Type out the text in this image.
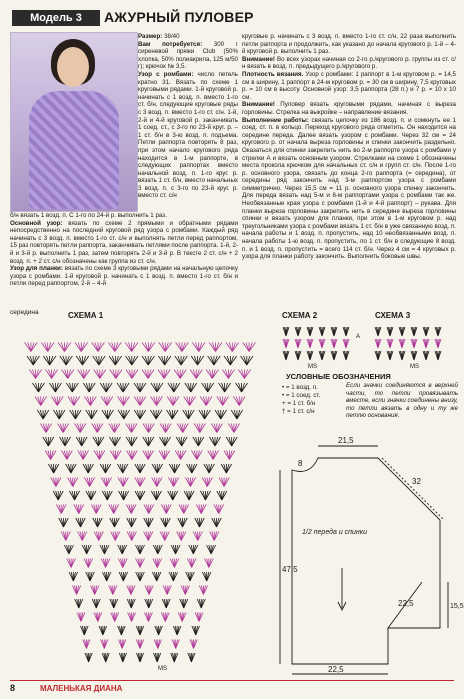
Модель 3	АЖУРНЫЙ ПУЛОВЕР
Размер: 38/40
Вам потребуется: 300 г сиреневой пряжи Club (50% хлопка, 50% полиакрила, 125 м/50 г); крючок № 3,5.
Узор с ромбами: число петель кратно 31. Вязать по схеме 1 круговыми рядами. 1-й круговой р. начинать с 1 возд. п. вместо 1-го ст. б/н, следующие круговые ряды с 3 возд. п. вместо 1-го ст. с/н. 1-й, 2-й и 4-й круговой р. заканчивать 1 соед. ст., с 3-го по 23-й круг. р. – 1 ст. б/н в 3-ю возд. п. подъема. Петли раппорта повторять 8 раз, при этом начало кругового ряда находится в 1-м раппорте, в следующих раппортах вместо начальной возд. п. 1-го круг. р. вязать 1 ст. б/н, вместо начальных 3 возд. п. с 3-го по 23-й круг. р. вместо ст. с/н
б/н вязать 1 возд. п. С 1-го по 24-й р. выполнить 1 раз.
Основной узор: вязать по схеме 2 прямыми и обратными рядами непосредственно на последний круговой ряд узора с ромбами. Каждый ряд начинать с 3 возд. п. вместо 1-го ст. с/н и выполнять петли перед раппортом, 15 раз повторять петли раппорта, заканчивать петлями после раппорта. 1-й, 2-й и 3-й р. выполнить 1 раз, затем повторять 2-й и 3-й р. В тексте 2 ст. с/н + 2 возд. п. + 2 ст. с/н обозначены как группа из ст. с/н.
Узор для планки: вязать по схеме 3 круговыми рядами на начальную цепочку узора с ромбами. 1-й круговой р. начинать с 1 возд. п. вместо 1-го ст. б/н и петли перед раппортом, 2-й – 4-й
круговые р. начинать с 3 возд. п. вместо 1-го ст. с/н, 22 раза выполнить петли раппорта и продолжить, как указано до начала кругового р. 1-й – 4-й круговой р. выполнить 1 раз.
Внимание! Во всех узорах начиная со 2-го р./кругового р. группы из ст. с/н вязать в возд. п. предыдущего р./кругового р.
Плотность вязания. Узор с ромбами: 1 раппорт в 1-м круговом р. = 14,5 см в ширину, 1 раппорт в 24-м круговом р. = 30 см в ширину, 7,5 круговых р. = 10 см в высоту. Основной узор: 3,5 раппорта (28 п.) и 7 р. = 10 х 10 см.
Внимание! Пуловер вязать круговыми рядами, начиная с выреза горловины. Стрелка на выкройке – направление вязания.
Выполнение работы: связать цепочку из 186 возд. п. и сомкнуть ее 1 соед. ст. п. в кольцо. Переход кругового ряда отметить. Он находится на середине переда. Далее вязать узором с ромбами. Через 32 см = 24 кругового р. от начала выреза горловины и спинки закончить раздельно. Оказаться для спинки закрепить нить во 2-м раппорте узора с ромбами у стрелки А и вязать основным узором. Стрелками на схеме 1 обозначены места прокола крючком для начальных ст. с/н и групп ст. с/н. После 1-го р. основного узора, связать до конца 2-го раппорта (= середина), от середины ряд закончить над 3-м раппортом узора с ромбами симметрично. Через 15,5 см = 11 р. основного узора спинку закончить. Для переда вязать над 5-м и 6-м раппортами узора с ромбами так же. Необвязанные края узора с ромбами (1-й и 4-й раппорт) – рукава. Для планки выреза горловины закрепить нить в середине выреза горловины спинки и вязать узором для планки, при этом в 1-м круговом р. над треугольниками узора с ромбами вязать 1 ст. б/н в уже связанную возд. п. начала работы и 1 возд. п. пропустить, над 10 необвязанными возд. п. начала работы 1-ю возд. п. пропустить, по 1 ст. б/н в следующие 8 возд. п. и 1 возд. п. пропустить = всего 114 ст. б/н. Через 4 см = 4 круговых р. узора для планки работу закончить. Выполнить боковые швы.
середина	СХЕМА 1	СХЕМА 2	СХЕМА 3
MS
A
MS	MS
УСЛОВНЫЕ ОБОЗНАЧЕНИЯ
• = 1 возд. п.
• = 1 соед. ст.
+ = 1 ст. б/н
† = 1 ст. с/н
Если значки соединяются в верхней части, то петли провязывать вместе, если значки соединены внизу, то петли вязать в одну и ту же петлю основания.
21,5
32
8
47,5
22,5	15,5
22,5
1/2 переда и спинки
8	МАЛЕНЬКАЯ ДИАНА
